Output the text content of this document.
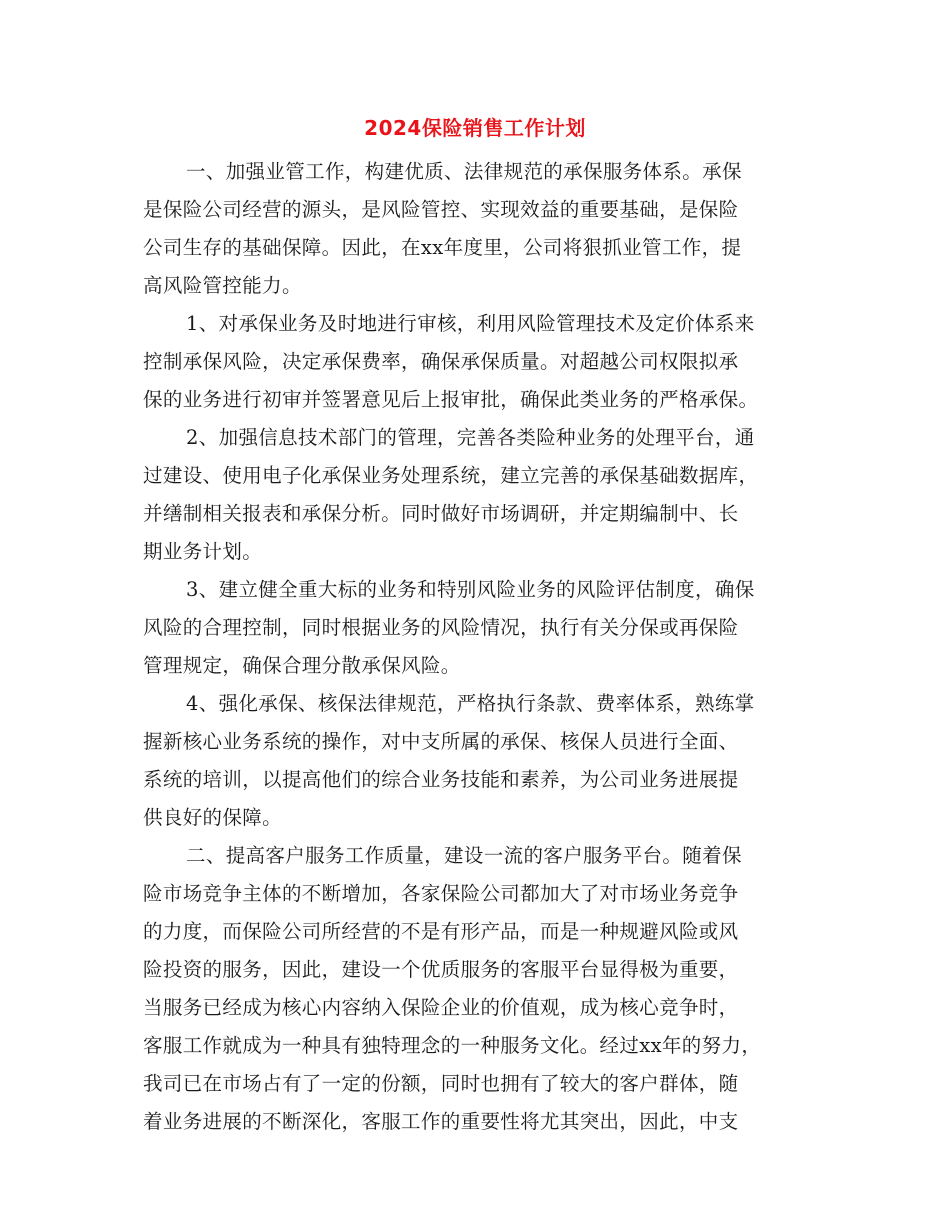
2024保险销售工作计划
一、加强业管工作，构建优质、法律规范的承保服务体系。承保
是保险公司经营的源头，是风险管控、实现效益的重要基础，是保险
公司生存的基础保障。因此，在xx年度里，公司将狠抓业管工作，提
高风险管控能力。
1、对承保业务及时地进行审核，利用风险管理技术及定价体系来
控制承保风险，决定承保费率，确保承保质量。对超越公司权限拟承
保的业务进行初审并签署意见后上报审批，确保此类业务的严格承保。
2、加强信息技术部门的管理，完善各类险种业务的处理平台，通
过建设、使用电子化承保业务处理系统，建立完善的承保基础数据库，
并缮制相关报表和承保分析。同时做好市场调研，并定期编制中、长
期业务计划。
3、建立健全重大标的业务和特别风险业务的风险评估制度，确保
风险的合理控制，同时根据业务的风险情况，执行有关分保或再保险
管理规定，确保合理分散承保风险。
4、强化承保、核保法律规范，严格执行条款、费率体系，熟练掌
握新核心业务系统的操作，对中支所属的承保、核保人员进行全面、
系统的培训，以提高他们的综合业务技能和素养，为公司业务进展提
供良好的保障。
二、提高客户服务工作质量，建设一流的客户服务平台。随着保
险市场竞争主体的不断增加，各家保险公司都加大了对市场业务竞争
的力度，而保险公司所经营的不是有形产品，而是一种规避风险或风
险投资的服务，因此，建设一个优质服务的客服平台显得极为重要，
当服务已经成为核心内容纳入保险企业的价值观，成为核心竞争时，
客服工作就成为一种具有独特理念的一种服务文化。经过xx年的努力，
我司已在市场占有了一定的份额，同时也拥有了较大的客户群体，随
着业务进展的不断深化，客服工作的重要性将尤其突出，因此，中支
